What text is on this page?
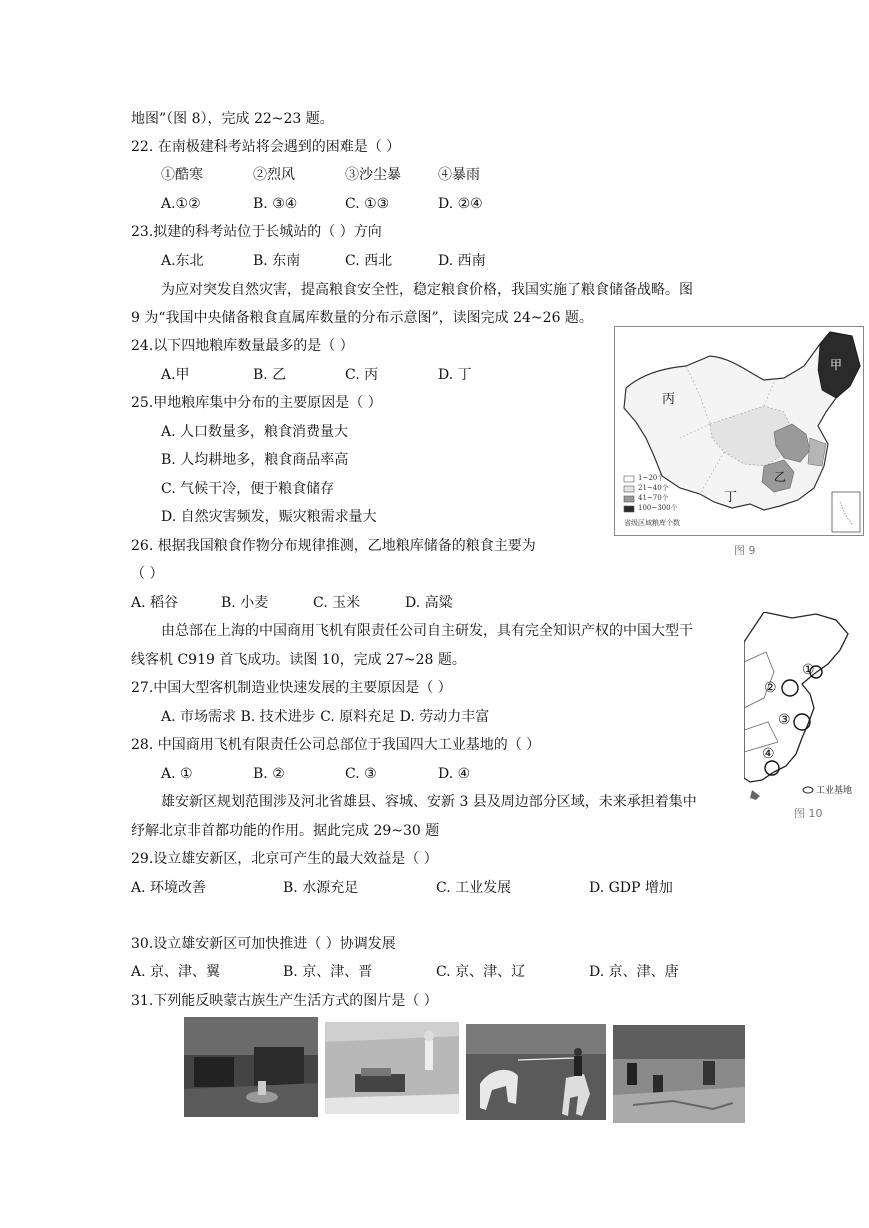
地图”（图 8），完成 22~23 题。
22. 在南极建科考站将会遇到的困难是（ ）
①酷寒	②烈风	③沙尘暴	④暴雨
A.①②	B. ③④	C. ①③	D. ②④
23.拟建的科考站位于长城站的（ ）方向
A.东北	B. 东南	C. 西北	D. 西南
为应对突发自然灾害，提高粮食安全性，稳定粮食价格，我国实施了粮食储备战略。图
9 为“我国中央储备粮食直属库数量的分布示意图”，读图完成 24~26 题。
24.以下四地粮库数量最多的是（ ）
A.甲	B. 乙	C. 丙	D. 丁
25.甲地粮库集中分布的主要原因是（ ）
A. 人口数量多，粮食消费量大
B. 人均耕地多，粮食商品率高
C. 气候干冷，便于粮食储存
D. 自然灾害频发，赈灾粮需求量大
26. 根据我国粮食作物分布规律推测，乙地粮库储备的粮食主要为
（ ）
A. 稻谷	B. 小麦	C. 玉米	D. 高粱
由总部在上海的中国商用飞机有限责任公司自主研发，具有完全知识产权的中国大型干
线客机 C919 首飞成功。读图 10，完成 27~28 题。
27.中国大型客机制造业快速发展的主要原因是（ ）
A. 市场需求 B. 技术进步 C. 原料充足 D. 劳动力丰富
28. 中国商用飞机有限责任公司总部位于我国四大工业基地的（ ）
A. ①	B. ②	C. ③	D. ④
雄安新区规划范围涉及河北省雄县、容城、安新 3 县及周边部分区域，未来承担着集中
纾解北京非首都功能的作用。据此完成 29~30 题
29.设立雄安新区，北京可产生的最大效益是（ ）
A. 环境改善	B. 水源充足	C. 工业发展	D. GDP 增加
30.设立雄安新区可加快推进（ ）协调发展
A. 京、津、翼	B. 京、津、晋	C. 京、津、辽	D. 京、津、唐
31.下列能反映蒙古族生产生活方式的图片是（ ）
丙
甲
乙
丁
1~20个
21~40个
41~70个
100~300个
省级区域粮库个数
图 9
①
②
③
④
工业基地
图 10
